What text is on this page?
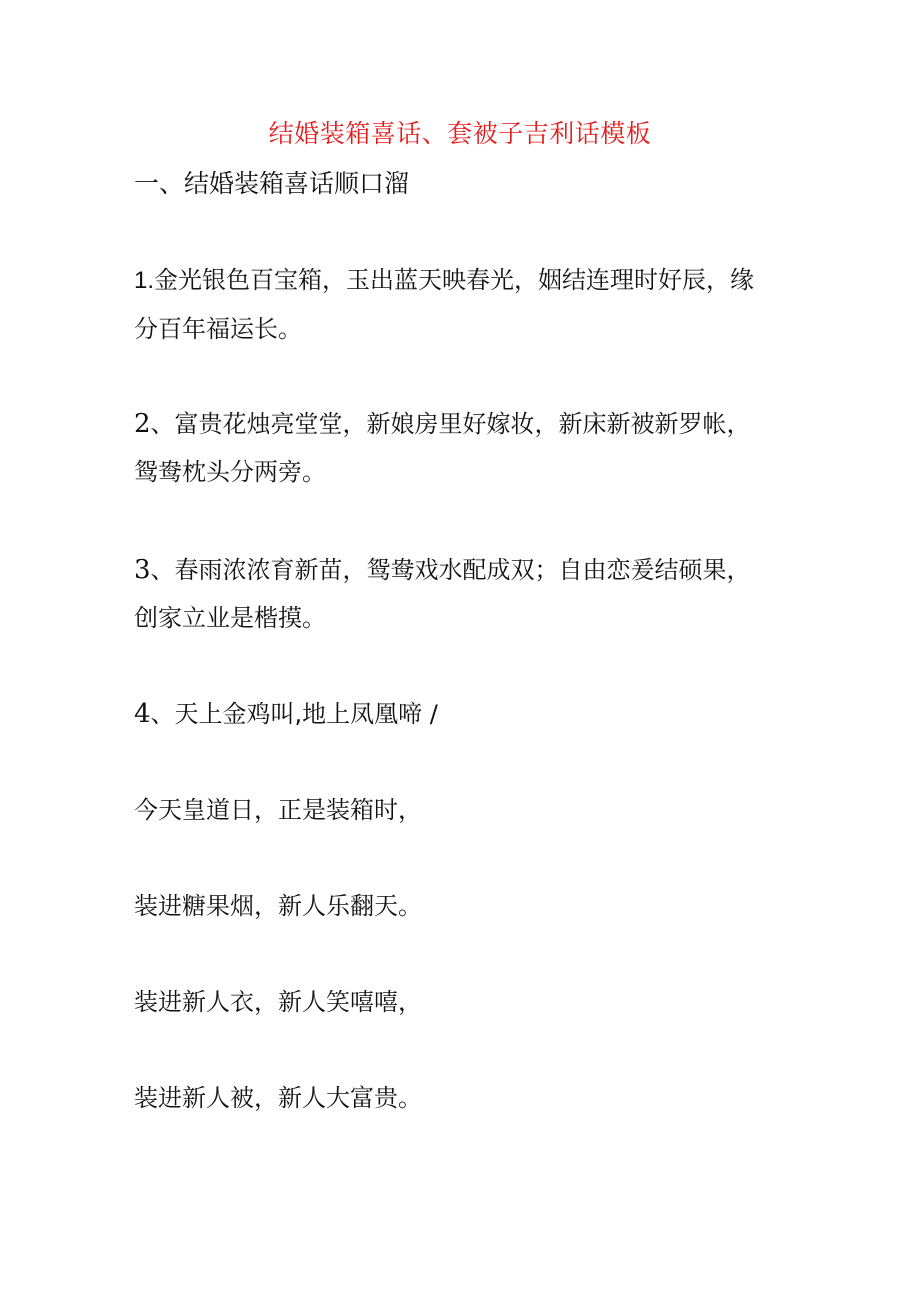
结婚装箱喜话、套被子吉利话模板
一、结婚装箱喜话顺口溜

1.金光银色百宝箱，玉出蓝天映春光，姻结连理时好辰，缘分百年福运长。

2、富贵花烛亮堂堂，新娘房里好嫁妆，新床新被新罗帐，鸳鸯枕头分两旁。

3、春雨浓浓育新苗，鸳鸯戏水配成双；自由恋爰结硕果，创家立业是楷摸。

4、天上金鸡叫,地上凤凰啼 /

今天皇道日，正是装箱时，

装进糖果烟，新人乐翻天。

装进新人衣，新人笑嘻嘻，

装进新人被，新人大富贵。
